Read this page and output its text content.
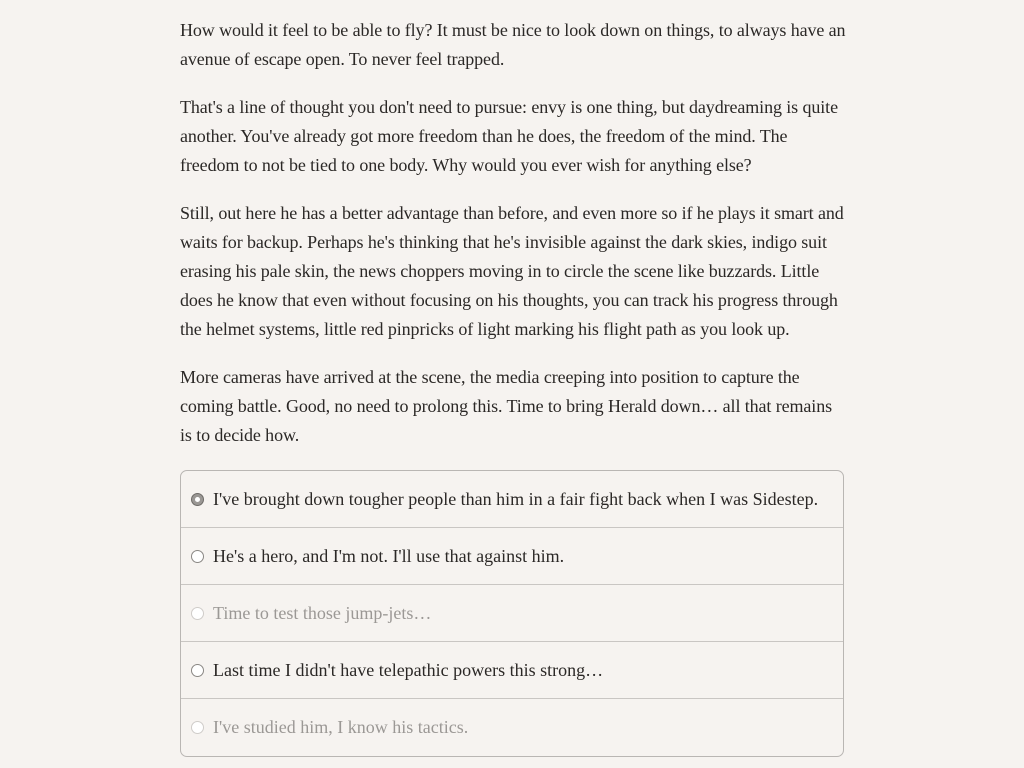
How would it feel to be able to fly? It must be nice to look down on things, to always have an avenue of escape open. To never feel trapped.

That's a line of thought you don't need to pursue: envy is one thing, but daydreaming is quite another. You've already got more freedom than he does, the freedom of the mind. The freedom to not be tied to one body. Why would you ever wish for anything else?

Still, out here he has a better advantage than before, and even more so if he plays it smart and waits for backup. Perhaps he's thinking that he's invisible against the dark skies, indigo suit erasing his pale skin, the news choppers moving in to circle the scene like buzzards. Little does he know that even without focusing on his thoughts, you can track his progress through the helmet systems, little red pinpricks of light marking his flight path as you look up.

More cameras have arrived at the scene, the media creeping into position to capture the coming battle. Good, no need to prolong this. Time to bring Herald down… all that remains is to decide how.

I've brought down tougher people than him in a fair fight back when I was Sidestep.
He's a hero, and I'm not. I'll use that against him.
Time to test those jump-jets…
Last time I didn't have telepathic powers this strong…
I've studied him, I know his tactics.
